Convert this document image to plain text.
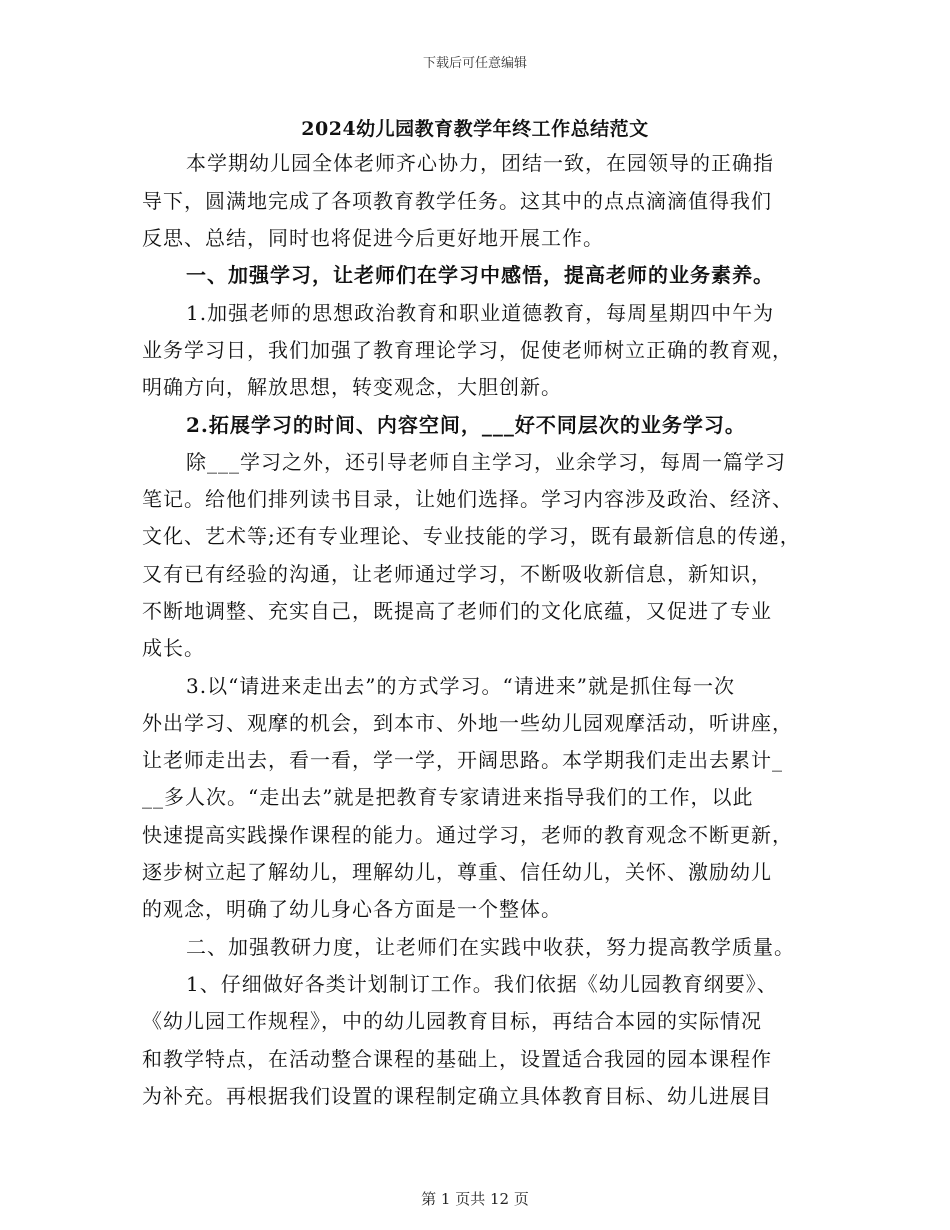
下载后可任意编辑
2024幼儿园教育教学年终工作总结范文
本学期幼儿园全体老师齐心协力，团结一致，在园领导的正确指
导下，圆满地完成了各项教育教学任务。这其中的点点滴滴值得我们
反思、总结，同时也将促进今后更好地开展工作。
一、加强学习，让老师们在学习中感悟，提高老师的业务素养。
1.加强老师的思想政治教育和职业道德教育，每周星期四中午为
业务学习日，我们加强了教育理论学习，促使老师树立正确的教育观，
明确方向，解放思想，转变观念，大胆创新。
2.拓展学习的时间、内容空间，___好不同层次的业务学习。
除___学习之外，还引导老师自主学习，业余学习，每周一篇学习
笔记。给他们排列读书目录，让她们选择。学习内容涉及政治、经济、
文化、艺术等;还有专业理论、专业技能的学习，既有最新信息的传递，
又有已有经验的沟通，让老师通过学习，不断吸收新信息，新知识，
不断地调整、充实自己，既提高了老师们的文化底蕴，又促进了专业
成长。
3.以“请进来走出去”的方式学习。“请进来”就是抓住每一次
外出学习、观摩的机会，到本市、外地一些幼儿园观摩活动，听讲座，
让老师走出去，看一看，学一学，开阔思路。本学期我们走出去累计_
__多人次。“走出去”就是把教育专家请进来指导我们的工作，以此
快速提高实践操作课程的能力。通过学习，老师的教育观念不断更新，
逐步树立起了解幼儿，理解幼儿，尊重、信任幼儿，关怀、激励幼儿
的观念，明确了幼儿身心各方面是一个整体。
二、加强教研力度，让老师们在实践中收获，努力提高教学质量。
1、仔细做好各类计划制订工作。我们依据《幼儿园教育纲要》、
《幼儿园工作规程》，中的幼儿园教育目标，再结合本园的实际情况
和教学特点，在活动整合课程的基础上，设置适合我园的园本课程作
为补充。再根据我们设置的课程制定确立具体教育目标、幼儿进展目
第 1 页共 12 页
